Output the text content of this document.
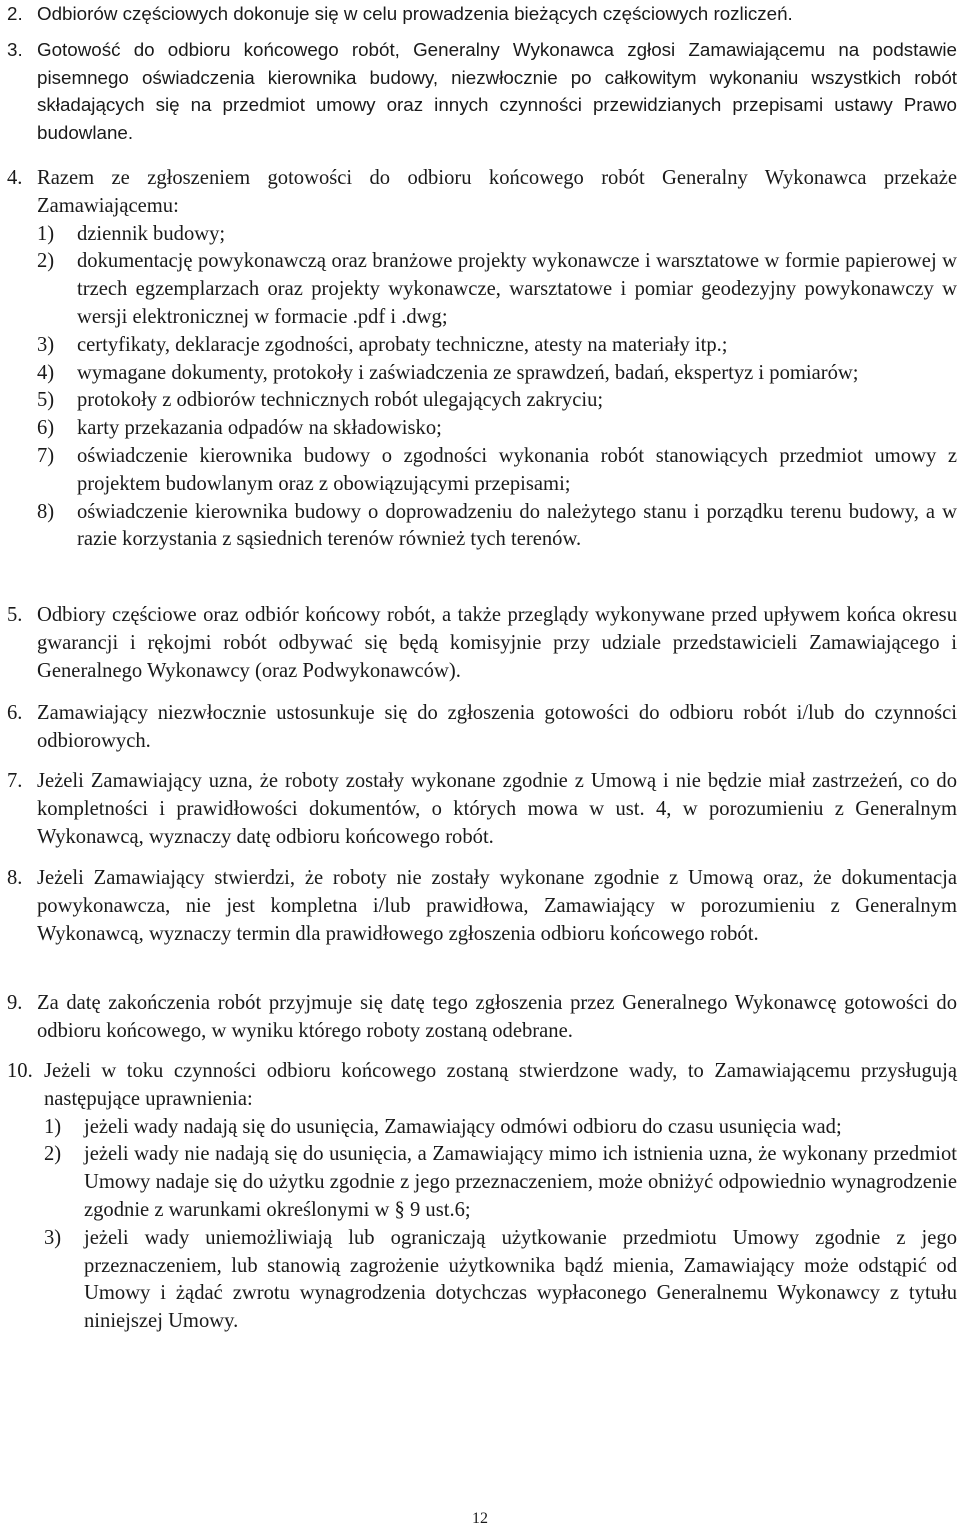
2. Odbiorów częściowych dokonuje się w celu prowadzenia bieżących częściowych rozliczeń.
3. Gotowość do odbioru końcowego robót, Generalny Wykonawca zgłosi Zamawiającemu na podstawie pisemnego oświadczenia kierownika budowy, niezwłocznie po całkowitym wykonaniu wszystkich robót składających się na przedmiot umowy oraz innych czynności przewidzianych przepisami ustawy Prawo budowlane.
4. Razem ze zgłoszeniem gotowości do odbioru końcowego robót Generalny Wykonawca przekaże Zamawiającemu:
1) dziennik budowy;
2) dokumentację powykonawczą oraz branżowe projekty wykonawcze i warsztatowe w formie papierowej w trzech egzemplarzach oraz projekty wykonawcze, warsztatowe i pomiar geodezyjny powykonawczy w wersji elektronicznej w formacie .pdf i .dwg;
3) certyfikaty, deklaracje zgodności, aprobaty techniczne, atesty na materiały itp.;
4) wymagane dokumenty, protokoły i zaświadczenia ze sprawdzeń, badań, ekspertyz i pomiarów;
5) protokoły z odbiorów technicznych robót ulegających zakryciu;
6) karty przekazania odpadów na składowisko;
7) oświadczenie kierownika budowy o zgodności wykonania robót stanowiących przedmiot umowy z projektem budowlanym oraz z obowiązującymi przepisami;
8) oświadczenie kierownika budowy o doprowadzeniu do należytego stanu i porządku terenu budowy, a w razie korzystania z sąsiednich terenów również tych terenów.
5. Odbiory częściowe oraz odbiór końcowy robót, a także przeglądy wykonywane przed upływem końca okresu gwarancji i rękojmi robót odbywać się będą komisyjnie przy udziale przedstawicieli Zamawiającego i Generalnego Wykonawcy (oraz Podwykonawców).
6. Zamawiający niezwłocznie ustosunkuje się do zgłoszenia gotowości do odbioru robót i/lub do czynności odbiorowych.
7. Jeżeli Zamawiający uzna, że roboty zostały wykonane zgodnie z Umową i nie będzie miał zastrzeżeń, co do kompletności i prawidłowości dokumentów, o których mowa w ust. 4, w porozumieniu z Generalnym Wykonawcą, wyznaczy datę odbioru końcowego robót.
8. Jeżeli Zamawiający stwierdzi, że roboty nie zostały wykonane zgodnie z Umową oraz, że dokumentacja powykonawcza, nie jest kompletna i/lub prawidłowa, Zamawiający w porozumieniu z Generalnym Wykonawcą, wyznaczy termin dla prawidłowego zgłoszenia odbioru końcowego robót.
9. Za datę zakończenia robót przyjmuje się datę tego zgłoszenia przez Generalnego Wykonawcę gotowości do odbioru końcowego, w wyniku którego roboty zostaną odebrane.
10. Jeżeli w toku czynności odbioru końcowego zostaną stwierdzone wady, to Zamawiającemu przysługują następujące uprawnienia:
1) jeżeli wady nadają się do usunięcia, Zamawiający odmówi odbioru do czasu usunięcia wad;
2) jeżeli wady nie nadają się do usunięcia, a Zamawiający mimo ich istnienia uzna, że wykonany przedmiot Umowy nadaje się do użytku zgodnie z jego przeznaczeniem, może obniżyć odpowiednio wynagrodzenie zgodnie z warunkami określonymi w § 9 ust.6;
3) jeżeli wady uniemożliwiają lub ograniczają użytkowanie przedmiotu Umowy zgodnie z jego przeznaczeniem, lub stanowią zagrożenie użytkownika bądź mienia, Zamawiający może odstąpić od Umowy i żądać zwrotu wynagrodzenia dotychczas wypłaconego Generalnemu Wykonawcy z tytułu niniejszej Umowy.
12
